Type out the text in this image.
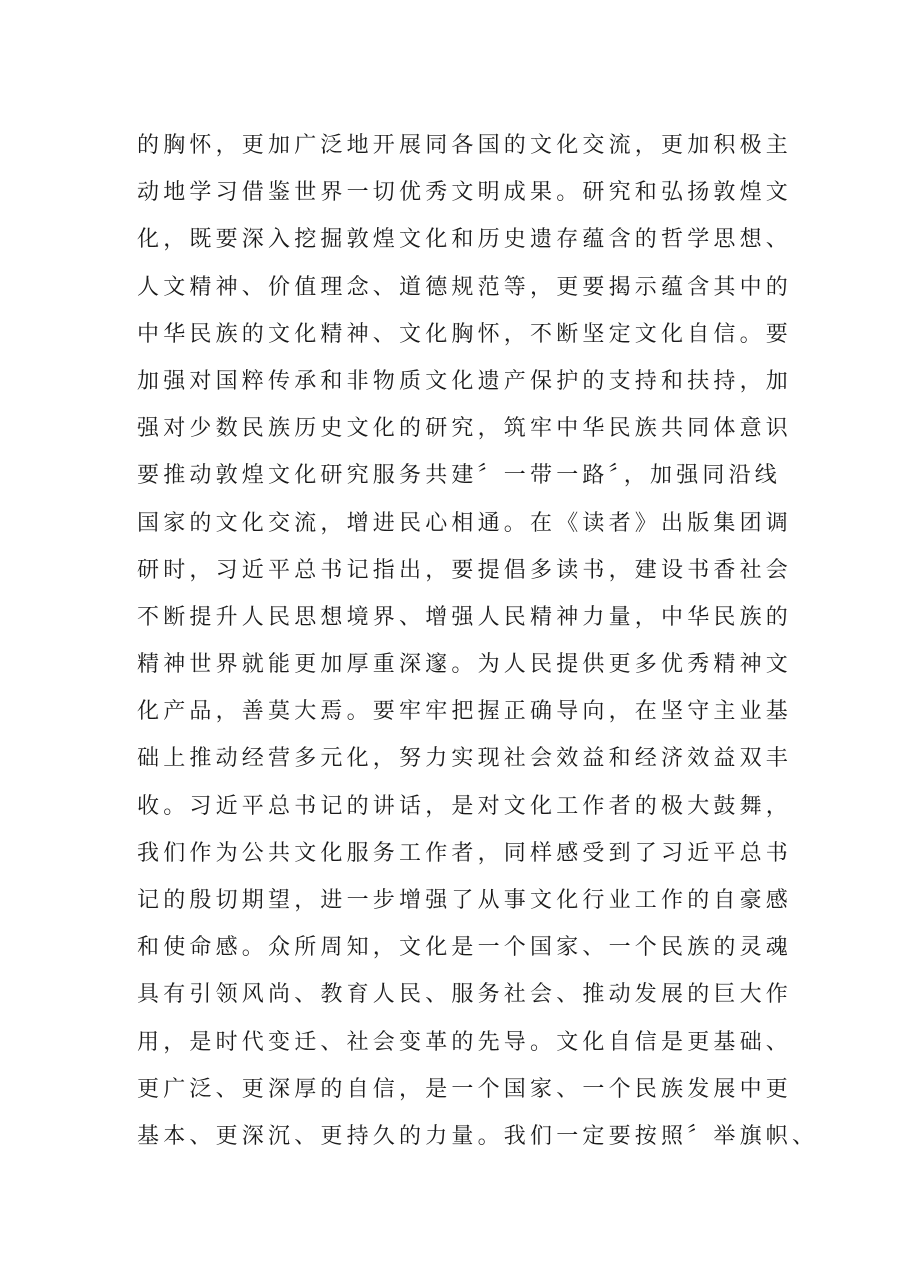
的胸怀，更加广泛地开展同各国的文化交流，更加积极主
动地学习借鉴世界一切优秀文明成果。研究和弘扬敦煌文
化，既要深入挖掘敦煌文化和历史遗存蕴含的哲学思想、
人文精神、价值理念、道德规范等，更要揭示蕴含其中的
中华民族的文化精神、文化胸怀，不断坚定文化自信。要
加强对国粹传承和非物质文化遗产保护的支持和扶持，加
强对少数民族历史文化的研究，筑牢中华民族共同体意识
要推动敦煌文化研究服务共建〞一带一路〞，加强同沿线
国家的文化交流，增进民心相通。在《读者》出版集团调
研时，习近平总书记指出，要提倡多读书，建设书香社会
不断提升人民思想境界、增强人民精神力量，中华民族的
精神世界就能更加厚重深邃。为人民提供更多优秀精神文
化产品，善莫大焉。要牢牢把握正确导向，在坚守主业基
础上推动经营多元化，努力实现社会效益和经济效益双丰
收。习近平总书记的讲话，是对文化工作者的极大鼓舞，
我们作为公共文化服务工作者，同样感受到了习近平总书
记的殷切期望，进一步增强了从事文化行业工作的自豪感
和使命感。众所周知，文化是一个国家、一个民族的灵魂
具有引领风尚、教育人民、服务社会、推动发展的巨大作
用，是时代变迁、社会变革的先导。文化自信是更基础、
更广泛、更深厚的自信，是一个国家、一个民族发展中更
基本、更深沉、更持久的力量。我们一定要按照〞举旗帜、
